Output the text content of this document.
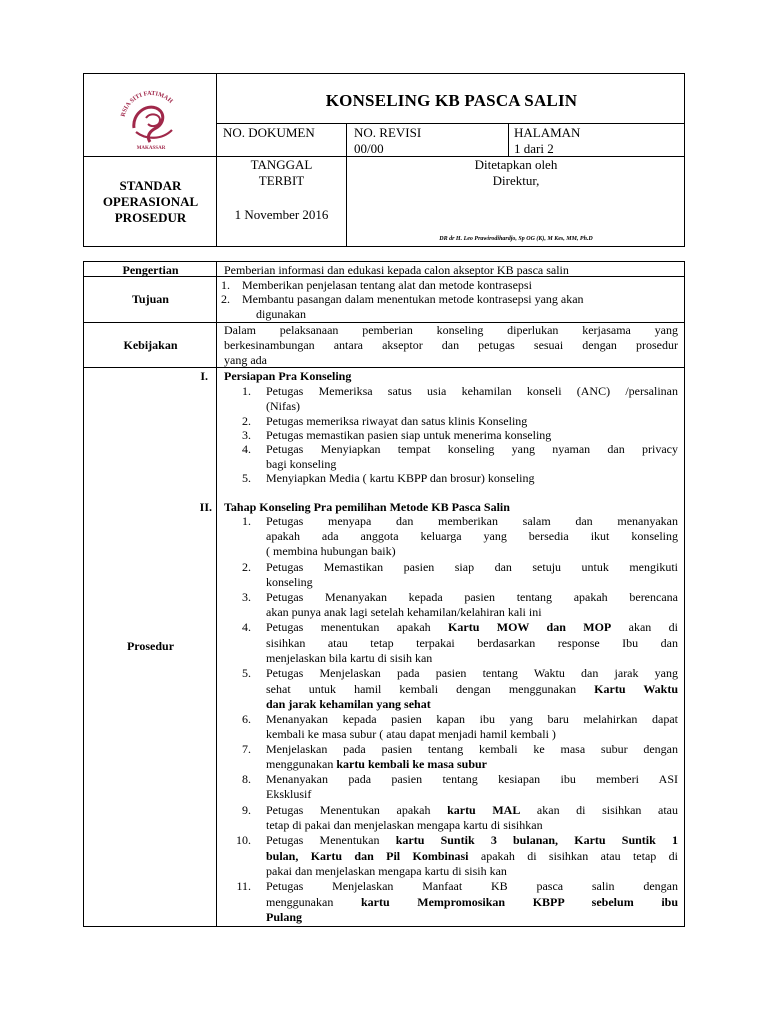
RSIA SITI FATIMAH
MAKASSAR
KONSELING KB PASCA SALIN
NO. DOKUMEN	NO. REVISI
00/00
HALAMAN
1 dari 2
STANDAR
OPERASIONAL
PROSEDUR
TANGGAL
TERBIT
1 November 2016
Ditetapkan oleh
Direktur,
DR dr H. Leo Prawirodihardjo, Sp OG (K), M Kes, MM, Ph.D
Pengertian	Pemberian informasi dan edukasi kepada calon akseptor KB pasca salin
Tujuan
1. Memberikan penjelasan tentang alat dan metode kontrasepsi
2. Membantu pasangan dalam menentukan metode kontrasepsi yang akan
digunakan
Kebijakan
Dalam pelaksanaan pemberian konseling diperlukan kerjasama yang
berkesinambungan antara akseptor dan petugas sesuai dengan prosedur
yang ada
Prosedur
I. Persiapan Pra Konseling
1. Petugas Memeriksa satus usia kehamilan konseli (ANC) /persalinan
(Nifas)
2. Petugas memeriksa riwayat dan satus klinis Konseling
3. Petugas memastikan pasien siap untuk menerima konseling
4. Petugas Menyiapkan tempat konseling yang nyaman dan privacy
bagi konseling
5. Menyiapkan Media ( kartu KBPP dan brosur) konseling
II. Tahap Konseling Pra pemilihan Metode KB Pasca Salin
1. Petugas menyapa dan memberikan salam dan menanyakan
apakah ada anggota keluarga yang bersedia ikut konseling
( membina hubungan baik)
2. Petugas Memastikan pasien siap dan setuju untuk mengikuti
konseling
3. Petugas Menanyakan kepada pasien tentang apakah berencana
akan punya anak lagi setelah kehamilan/kelahiran kali ini
4. Petugas menentukan apakah Kartu MOW dan MOP akan di
sisihkan atau tetap terpakai berdasarkan response Ibu dan
menjelaskan bila kartu di sisih kan
5. Petugas Menjelaskan pada pasien tentang Waktu dan jarak yang
sehat untuk hamil kembali dengan menggunakan Kartu Waktu
dan jarak kehamilan yang sehat
6. Menanyakan kepada pasien kapan ibu yang baru melahirkan dapat
kembali ke masa subur ( atau dapat menjadi hamil kembali )
7. Menjelaskan pada pasien tentang kembali ke masa subur dengan
menggunakan kartu kembali ke masa subur
8. Menanyakan pada pasien tentang kesiapan ibu memberi ASI
Eksklusif
9. Petugas Menentukan apakah kartu MAL akan di sisihkan atau
tetap di pakai dan menjelaskan mengapa kartu di sisihkan
10. Petugas Menentukan kartu Suntik 3 bulanan, Kartu Suntik 1
bulan, Kartu dan Pil Kombinasi apakah di sisihkan atau tetap di
pakai dan menjelaskan mengapa kartu di sisih kan
11. Petugas Menjelaskan Manfaat KB pasca salin dengan
menggunakan kartu Mempromosikan KBPP sebelum ibu
Pulang
